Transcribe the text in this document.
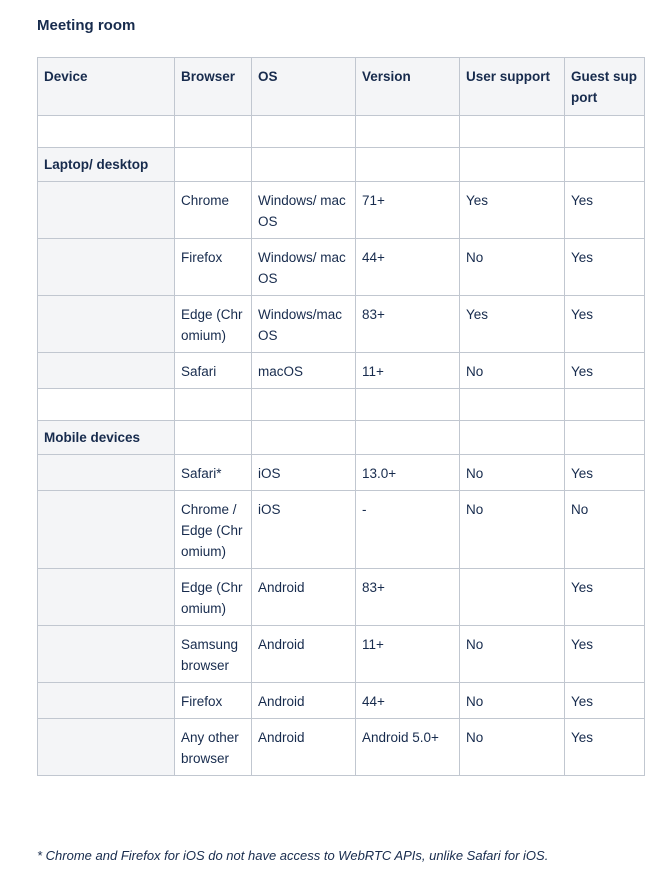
Meeting room
Device	Browser	OS	Version	User support	Guest support

Laptop/ desktop					
	Chrome	Windows/ macOS	71+	Yes	Yes
	Firefox	Windows/ macOS	44+	No	Yes
	Edge (Chromium)	Windows/macOS	83+	Yes	Yes
	Safari	macOS	11+	No	Yes

Mobile devices					
	Safari*	iOS	13.0+	No	Yes
	Chrome / Edge (Chromium)	iOS	-	No	No
	Edge (Chromium)	Android	83+		Yes
	Samsung browser	Android	11+	No	Yes
	Firefox	Android	44+	No	Yes
	Any other browser	Android	Android 5.0+	No	Yes
* Chrome and Firefox for iOS do not have access to WebRTC APIs, unlike Safari for iOS.
